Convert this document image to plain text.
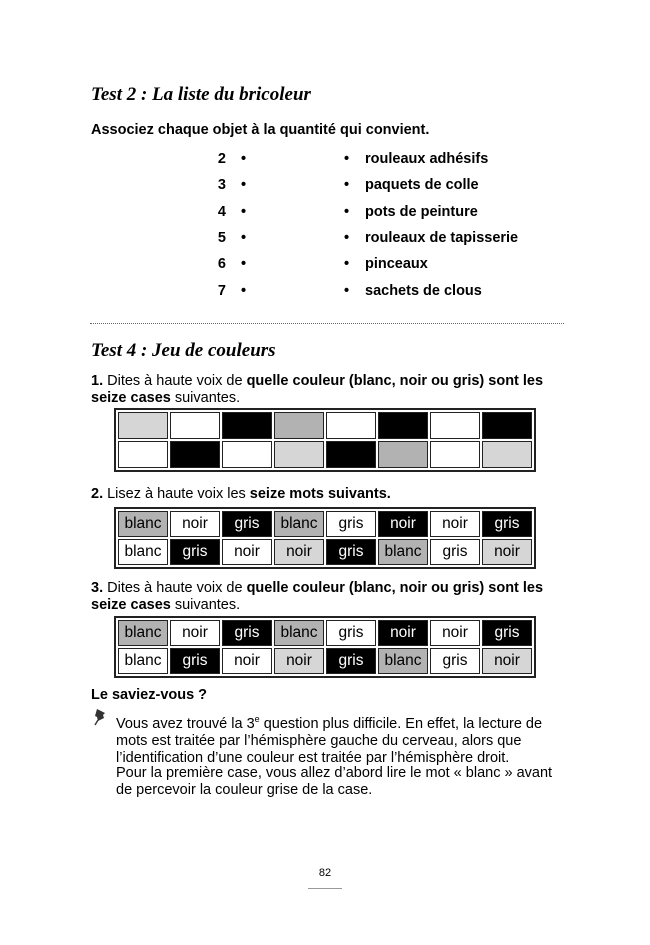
Test 2 : La liste du bricoleur
Associez chaque objet à la quantité qui convient.
2 •	• rouleaux adhésifs
3 •	• paquets de colle
4 •	• pots de peinture
5 •	• rouleaux de tapisserie
6 •	• pinceaux
7 •	• sachets de clous
Test 4 : Jeu de couleurs
1. Dites à haute voix de quelle couleur (blanc, noir ou gris) sont les
seize cases suivantes.

2. Lisez à haute voix les seize mots suivants.
blanc	noir	gris	blanc	gris	noir	noir	gris
blanc	gris	noir	noir	gris	blanc	gris	noir
3. Dites à haute voix de quelle couleur (blanc, noir ou gris) sont les
seize cases suivantes.
blanc	noir	gris	blanc	gris	noir	noir	gris
blanc	gris	noir	noir	gris	blanc	gris	noir
Le saviez-vous ?
Vous avez trouvé la 3e question plus difficile. En effet, la lecture de
mots est traitée par l’hémisphère gauche du cerveau, alors que
l’identification d’une couleur est traitée par l’hémisphère droit.
Pour la première case, vous allez d’abord lire le mot « blanc » avant
de percevoir la couleur grise de la case.
82
